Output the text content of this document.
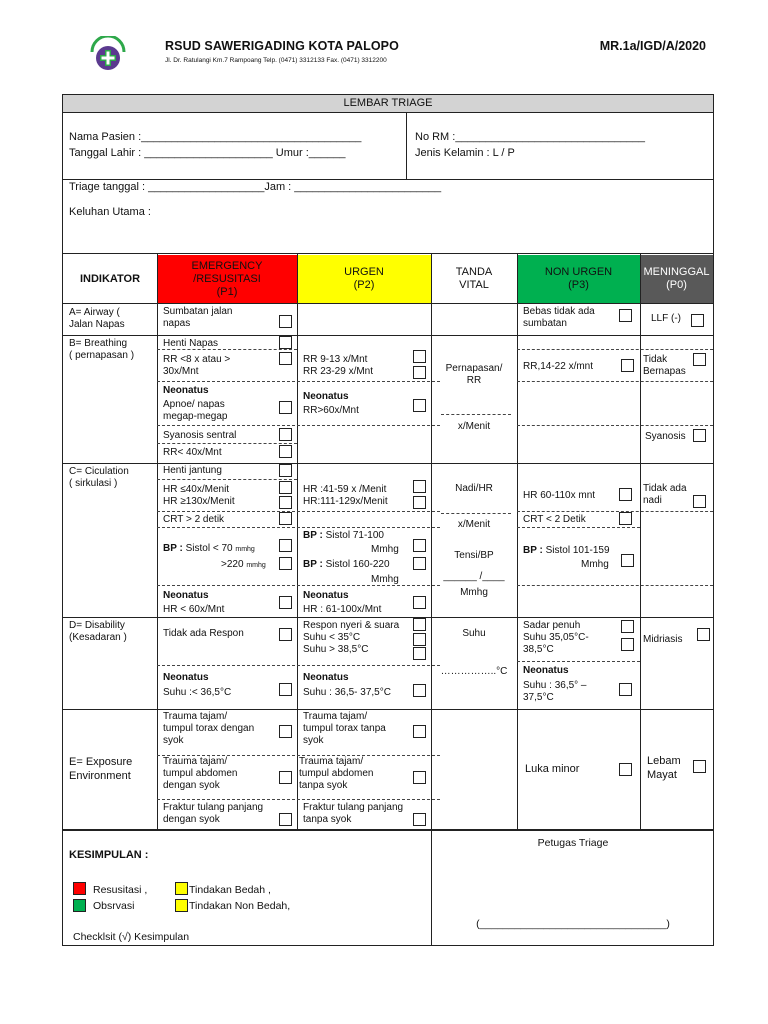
RSUD SAWERIGADING KOTA PALOPO
Jl. Dr. Ratulangi Km.7 Rampoang Telp. (0471) 3312133 Fax. (0471) 3312200
MR.1a/IGD/A/2020
LEMBAR TRIAGE
Nama Pasien :____________________________________
Tanggal Lahir : _____________________ Umur :______
No RM :_______________________________
Jenis Kelamin : L / P
Triage tanggal : ___________________Jam : ________________________
Keluhan Utama :
INDIKATOR
EMERGENCY
/RESUSITASI
(P1)
URGEN
(P2)
TANDA
VITAL
NON URGEN
(P3)
MENINGGAL
(P0)
A= Airway (
Jalan Napas
Sumbatan jalan
napas
Bebas tidak ada
sumbatan	LLF (-)
B= Breathing
( pernapasan )
Henti Napas
RR <8 x atau >
30x/Mnt
Neonatus
Apnoe/ napas
megap-megap
Syanosis sentral
RR< 40x/Mnt
RR 9-13 x/Mnt
RR 23-29 x/Mnt
Neonatus
RR>60x/Mnt
Pernapasan/
RR
x/Menit
RR,14-22 x/mnt
Tidak
Bernapas
Syanosis
C= Ciculation
( sirkulasi )
Henti jantung
HR ≤40x/Menit
HR ≥130x/Menit
CRT > 2 detik
BP : Sistol < 70 mmhg
>220 mmhg
Neonatus
HR < 60x/Mnt
HR :41-59 x /Menit
HR:111-129x/Menit
BP : Sistol 71-100
Mmhg
BP : Sistol 160-220
Mmhg
Neonatus
HR : 61-100x/Mnt
Nadi/HR
x/Menit
Tensi/BP
______ /____
Mmhg
HR 60-110x mnt
CRT < 2 Detik
BP : Sistol 101-159
Mmhg
Tidak ada
nadi
D= Disability
(Kesadaran )	Tidak ada Respon
Neonatus
Suhu :< 36,5°C
Respon nyeri & suara
Suhu < 35°C
Suhu > 38,5°C
Neonatus
Suhu : 36,5- 37,5°C
Suhu
……………..°C
Sadar penuh
Suhu 35,05°C-
38,5°C
Neonatus
Suhu : 36,5° –
37,5°C
Midriasis
E= Exposure
Environment
Trauma tajam/
tumpul torax dengan
syok
Trauma tajam/
tumpul abdomen
dengan syok
Fraktur tulang panjang
dengan syok
Trauma tajam/
tumpul torax tanpa
syok
Trauma tajam/
tumpul abdomen
tanpa syok
Fraktur tulang panjang
tanpa syok
Luka minor
Lebam
Mayat
KESIMPULAN :
Resusitasi ,
Obsrvasi
Tindakan Bedah ,
Tindakan Non Bedah,
Checklsit (√) Kesimpulan
Petugas Triage
(________________________________)
